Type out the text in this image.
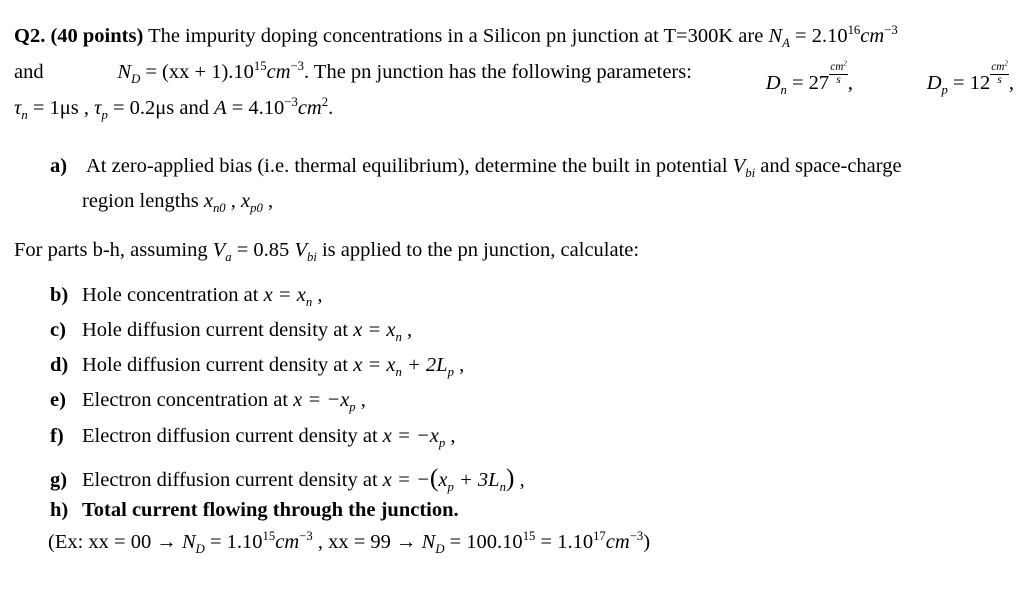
Q2. (40 points) The impurity doping concentrations in a Silicon pn junction at T=300K are $N_A = 2.10^{16}cm^{-3}$
and	$N_D = (xx + 1).10^{15}cm^{-3}$. The pn junction has the following parameters:
$D_n = 27 \frac{cm^2}{s}$ ,	$D_p = 12 \frac{cm^2}{s}$ ,
$\tau_n = 1\mu s$ , $\tau_p = 0.2\mu s$ and $A = 4.10^{-3}cm^2$.
a) At zero-applied bias (i.e. thermal equilibrium), determine the built in potential $V_{bi}$ and space-charge
region lengths $x_{n0}$ , $x_{p0}$ ,
For parts b-h, assuming $V_a = 0.85$ $V_{bi}$ is applied to the pn junction, calculate:
b) Hole concentration at $x = x_n$ ,
c) Hole diffusion current density at $x = x_n$ ,
d) Hole diffusion current density at $x = x_n + 2L_p$ ,
e) Electron concentration at $x = -x_p$ ,
f) Electron diffusion current density at $x = -x_p$ ,
g) Electron diffusion current density at $x = -(x_p + 3L_n)$ ,
h) Total current flowing through the junction.
(Ex: xx = $00 \to N_D = 1.10^{15}cm^{-3}$ , xx = $99 \to N_D = 100.10^{15} = 1.10^{17}cm^{-3}$)
